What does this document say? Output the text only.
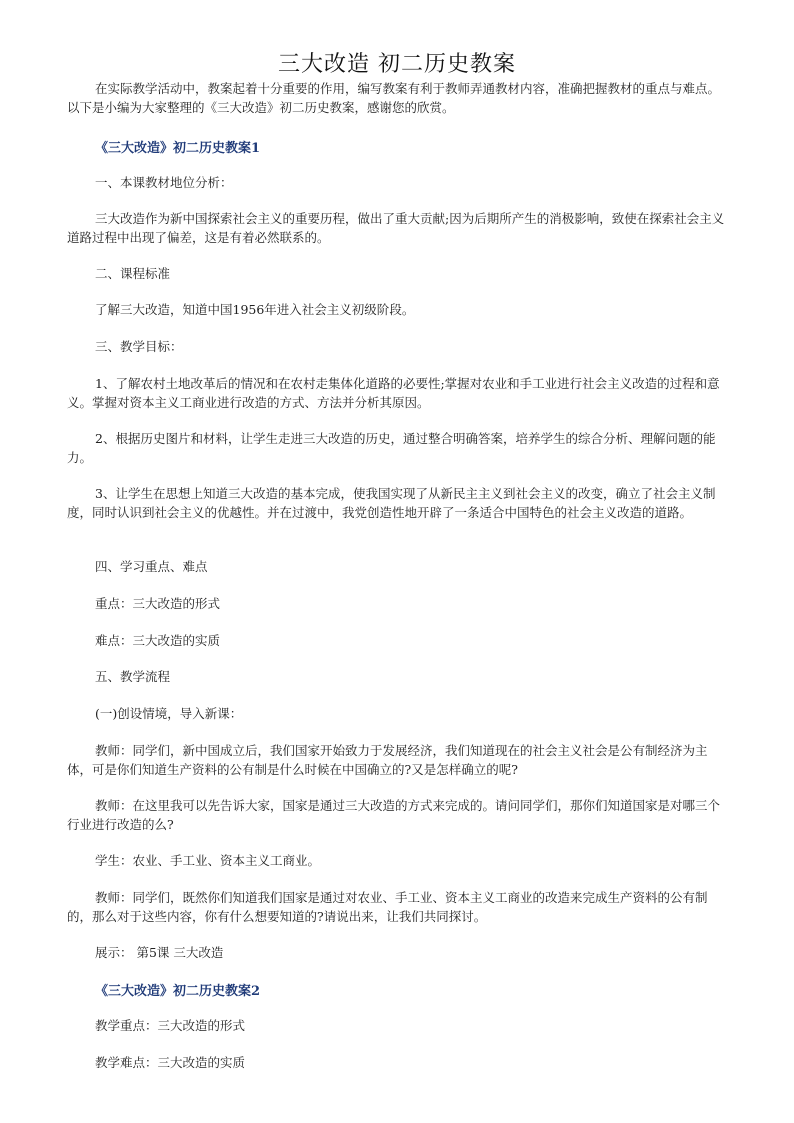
三大改造 初二历史教案

在实际教学活动中，教案起着十分重要的作用，编写教案有利于教师弄通教材内容，准确把握教材的重点与难点。以下是小编为大家整理的《三大改造》初二历史教案，感谢您的欣赏。

《三大改造》初二历史教案1

一、本课教材地位分析：

三大改造作为新中国探索社会主义的重要历程，做出了重大贡献;因为后期所产生的消极影响，致使在探索社会主义道路过程中出现了偏差，这是有着必然联系的。

二、课程标准

了解三大改造，知道中国1956年进入社会主义初级阶段。

三、教学目标：

1、了解农村土地改革后的情况和在农村走集体化道路的必要性;掌握对农业和手工业进行社会主义改造的过程和意义。掌握对资本主义工商业进行改造的方式、方法并分析其原因。

2、根据历史图片和材料，让学生走进三大改造的历史，通过整合明确答案，培养学生的综合分析、理解问题的能力。

3、让学生在思想上知道三大改造的基本完成，使我国实现了从新民主主义到社会主义的改变，确立了社会主义制度，同时认识到社会主义的优越性。并在过渡中，我党创造性地开辟了一条适合中国特色的社会主义改造的道路。

四、学习重点、难点

重点：三大改造的形式

难点：三大改造的实质

五、教学流程

(一)创设情境，导入新课：

教师：同学们，新中国成立后，我们国家开始致力于发展经济，我们知道现在的社会主义社会是公有制经济为主体，可是你们知道生产资料的公有制是什么时候在中国确立的?又是怎样确立的呢?

教师：在这里我可以先告诉大家，国家是通过三大改造的方式来完成的。请问同学们，那你们知道国家是对哪三个行业进行改造的么?

学生：农业、手工业、资本主义工商业。

教师：同学们，既然你们知道我们国家是通过对农业、手工业、资本主义工商业的改造来完成生产资料的公有制的，那么对于这些内容，你有什么想要知道的?请说出来，让我们共同探讨。

展示： 第5课 三大改造

《三大改造》初二历史教案2

教学重点：三大改造的形式

教学难点：三大改造的实质
